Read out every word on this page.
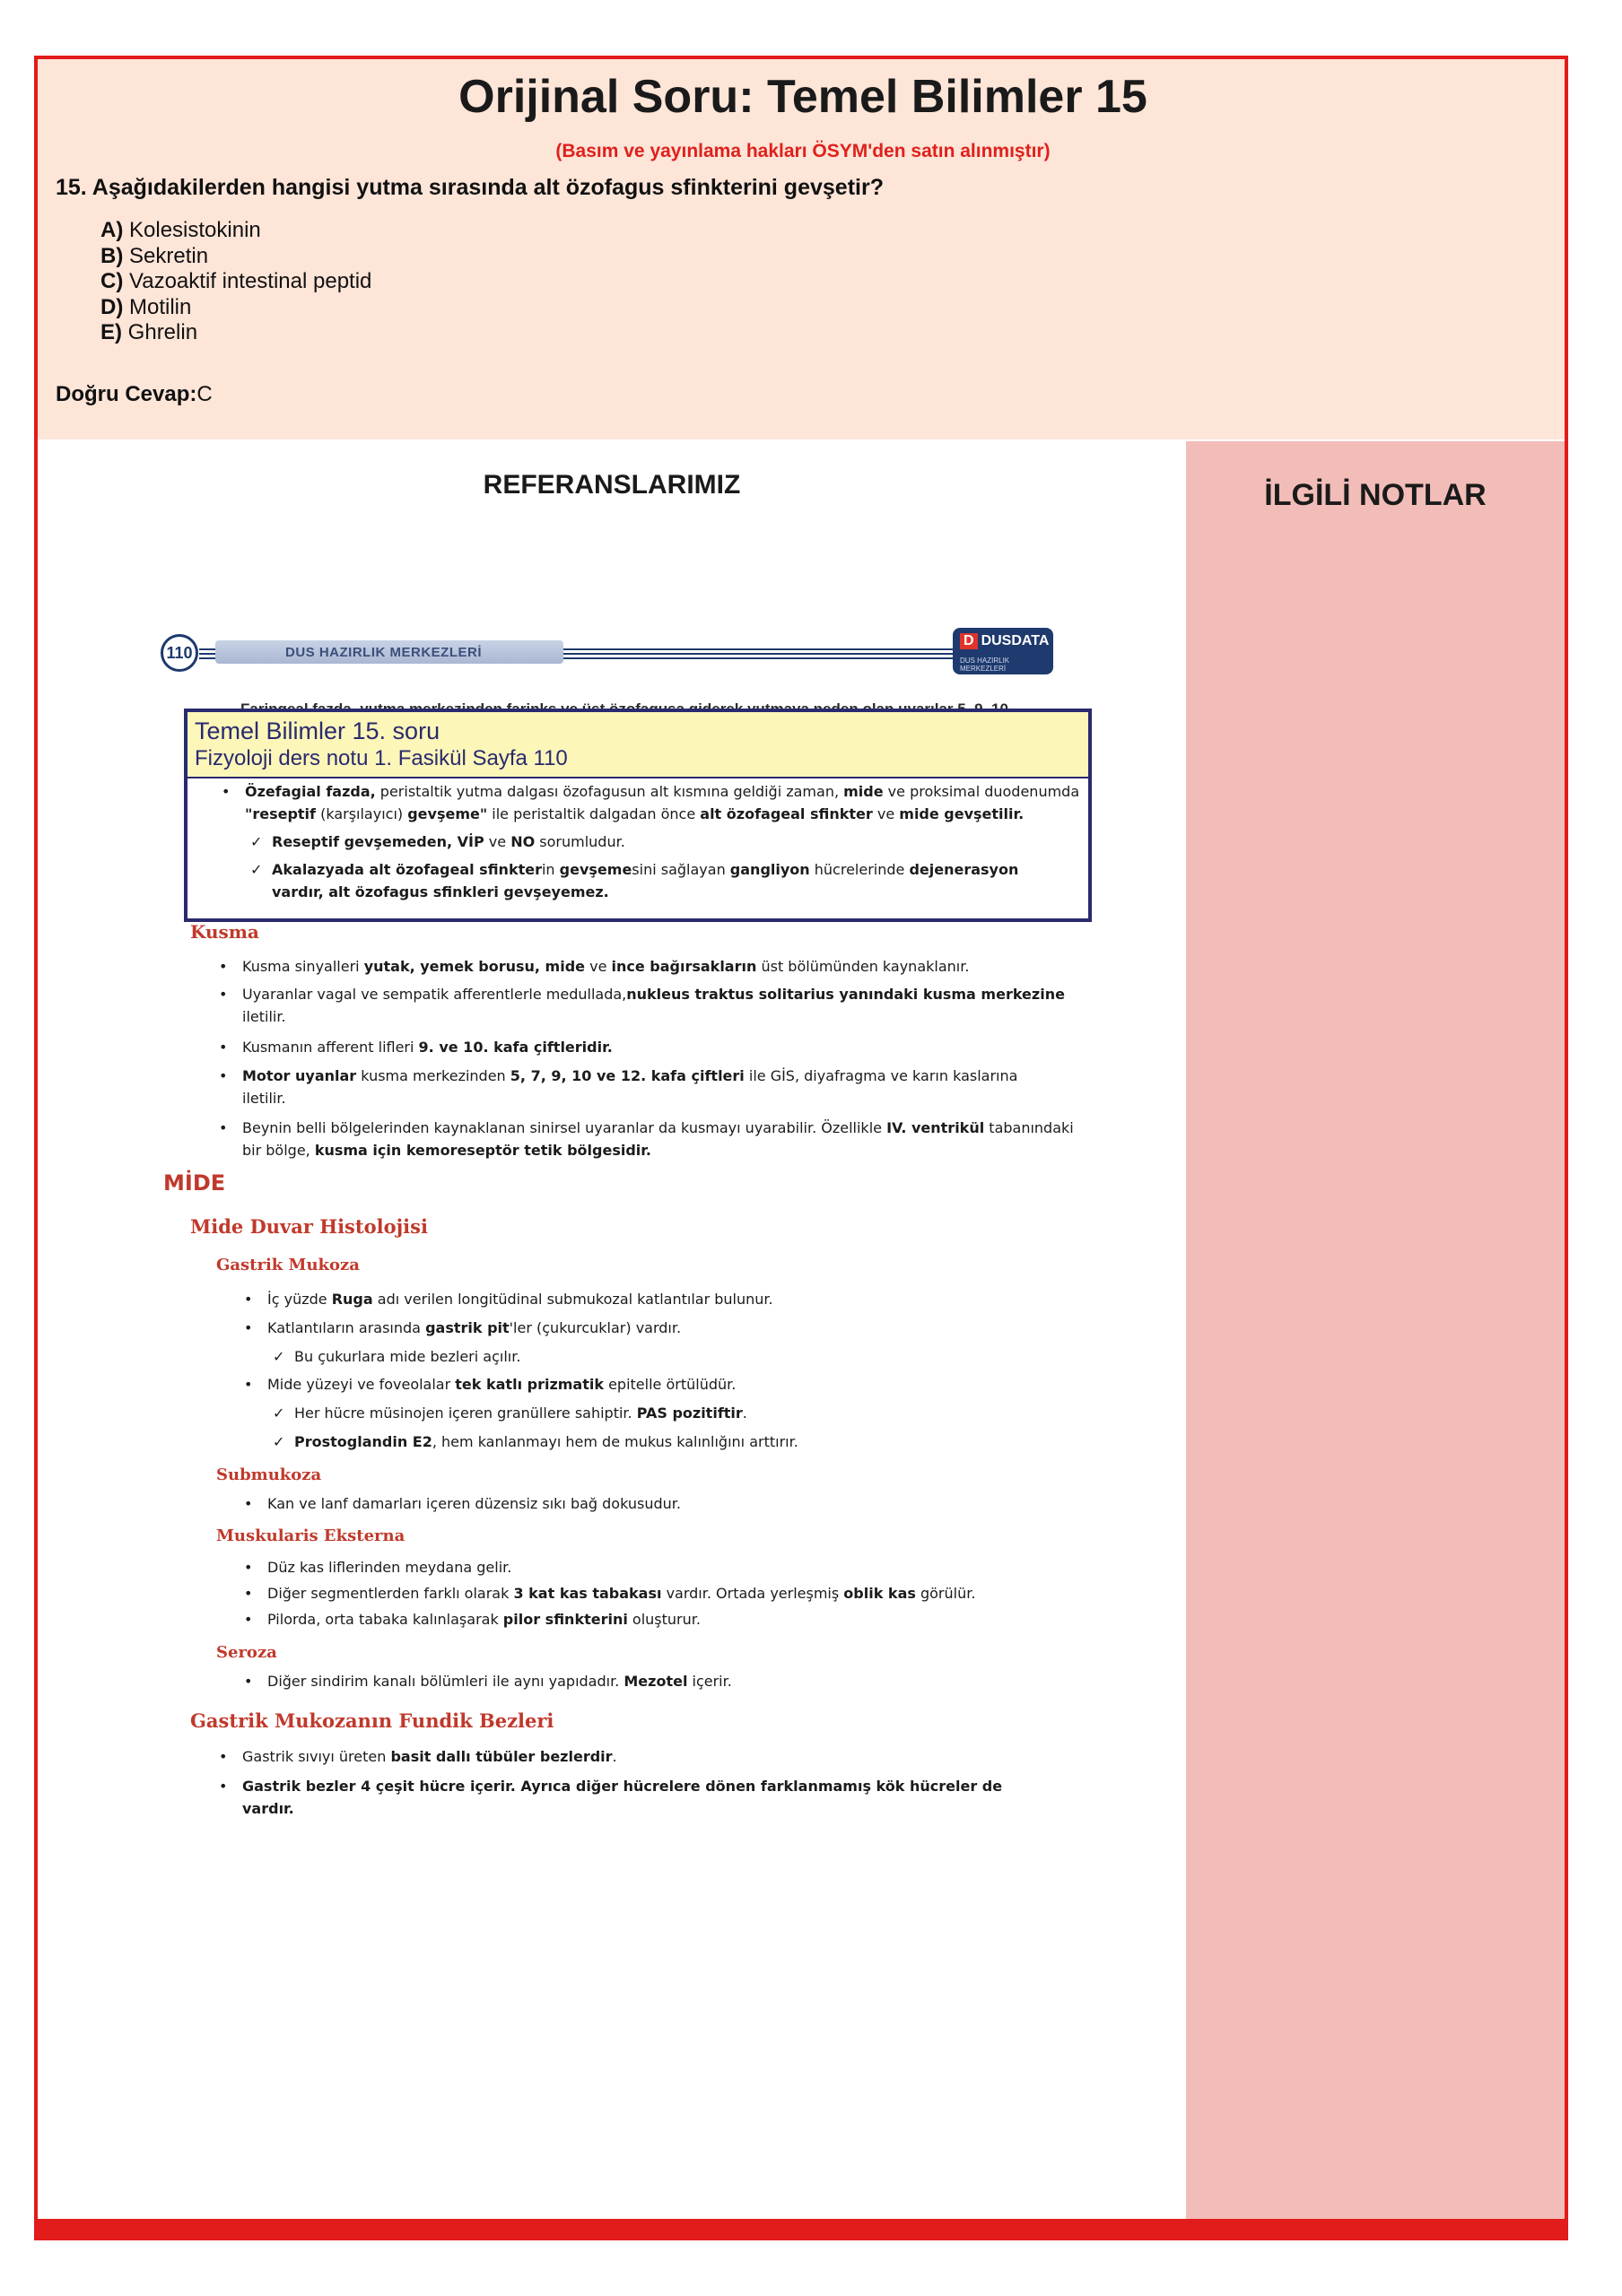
Orijinal Soru: Temel Bilimler 15
(Basım ve yayınlama hakları ÖSYM'den satın alınmıştır)
15. Aşağıdakilerden hangisi yutma sırasında alt özofagus sfinkterini gevşetir?
A) Kolesistokinin
B) Sekretin
C) Vazoaktif intestinal peptid
D) Motilin
E) Ghrelin
Doğru Cevap:C
REFERANSLARIMIZ	İLGİLİ NOTLAR
DUS HAZIRLIK MERKEZLERİ
110
D DUSDATA
DUS HAZIRLIK MERKEZLERİ
Temel Bilimler 15. soru
Fizyoloji ders notu 1. Fasikül Sayfa 110
• Özefagial fazda, peristaltik yutma dalgası özofagusun alt kısmına geldiği zaman, mide ve proksimal duodenumda
"reseptif (karşılayıcı) gevşeme" ile peristaltik dalgadan önce alt özofageal sfinkter ve mide gevşetilir.
✓ Reseptif gevşemeden, VİP ve NO sorumludur.
✓ Akalazyada alt özofageal sfinkterin gevşemesini sağlayan gangliyon hücrelerinde dejenerasyon
vardır, alt özofagus sfinkleri gevşeyemez.
Kusma
• Kusma sinyalleri yutak, yemek borusu, mide ve ince bağırsakların üst bölümünden kaynaklanır.
• Uyaranlar vagal ve sempatik afferentlerle medullada,nukleus traktus solitarius yanındaki kusma merkezine
iletilir.
• Kusmanın afferent lifleri 9. ve 10. kafa çiftleridir.
• Motor uyanlar kusma merkezinden 5, 7, 9, 10 ve 12. kafa çiftleri ile GİS, diyafragma ve karın kaslarına
iletilir.
• Beynin belli bölgelerinden kaynaklanan sinirsel uyaranlar da kusmayı uyarabilir. Özellikle IV. ventrikül tabanındaki
bir bölge, kusma için kemoreseptör tetik bölgesidir.
MİDE
Mide Duvar Histolojisi
Gastrik Mukoza
• İç yüzde Ruga adı verilen longitüdinal submukozal katlantılar bulunur.
• Katlantıların arasında gastrik pit'ler (çukurcuklar) vardır.
✓ Bu çukurlara mide bezleri açılır.
• Mide yüzeyi ve foveolalar tek katlı prizmatik epitelle örtülüdür.
✓ Her hücre müsinojen içeren granüllere sahiptir. PAS pozitiftir.
✓ Prostoglandin E2, hem kanlanmayı hem de mukus kalınlığını arttırır.
Submukoza
• Kan ve lanf damarları içeren düzensiz sıkı bağ dokusudur.
Muskularis Eksterna
• Düz kas liflerinden meydana gelir.
• Diğer segmentlerden farklı olarak 3 kat kas tabakası vardır. Ortada yerleşmiş oblik kas görülür.
• Pilorda, orta tabaka kalınlaşarak pilor sfinkterini oluşturur.
Seroza
• Diğer sindirim kanalı bölümleri ile aynı yapıdadır. Mezotel içerir.
Gastrik Mukozanın Fundik Bezleri
• Gastrik sıvıyı üreten basit dallı tübüler bezlerdir.
• Gastrik bezler 4 çeşit hücre içerir. Ayrıca diğer hücrelere dönen farklanmamış kök hücreler de
vardır.
